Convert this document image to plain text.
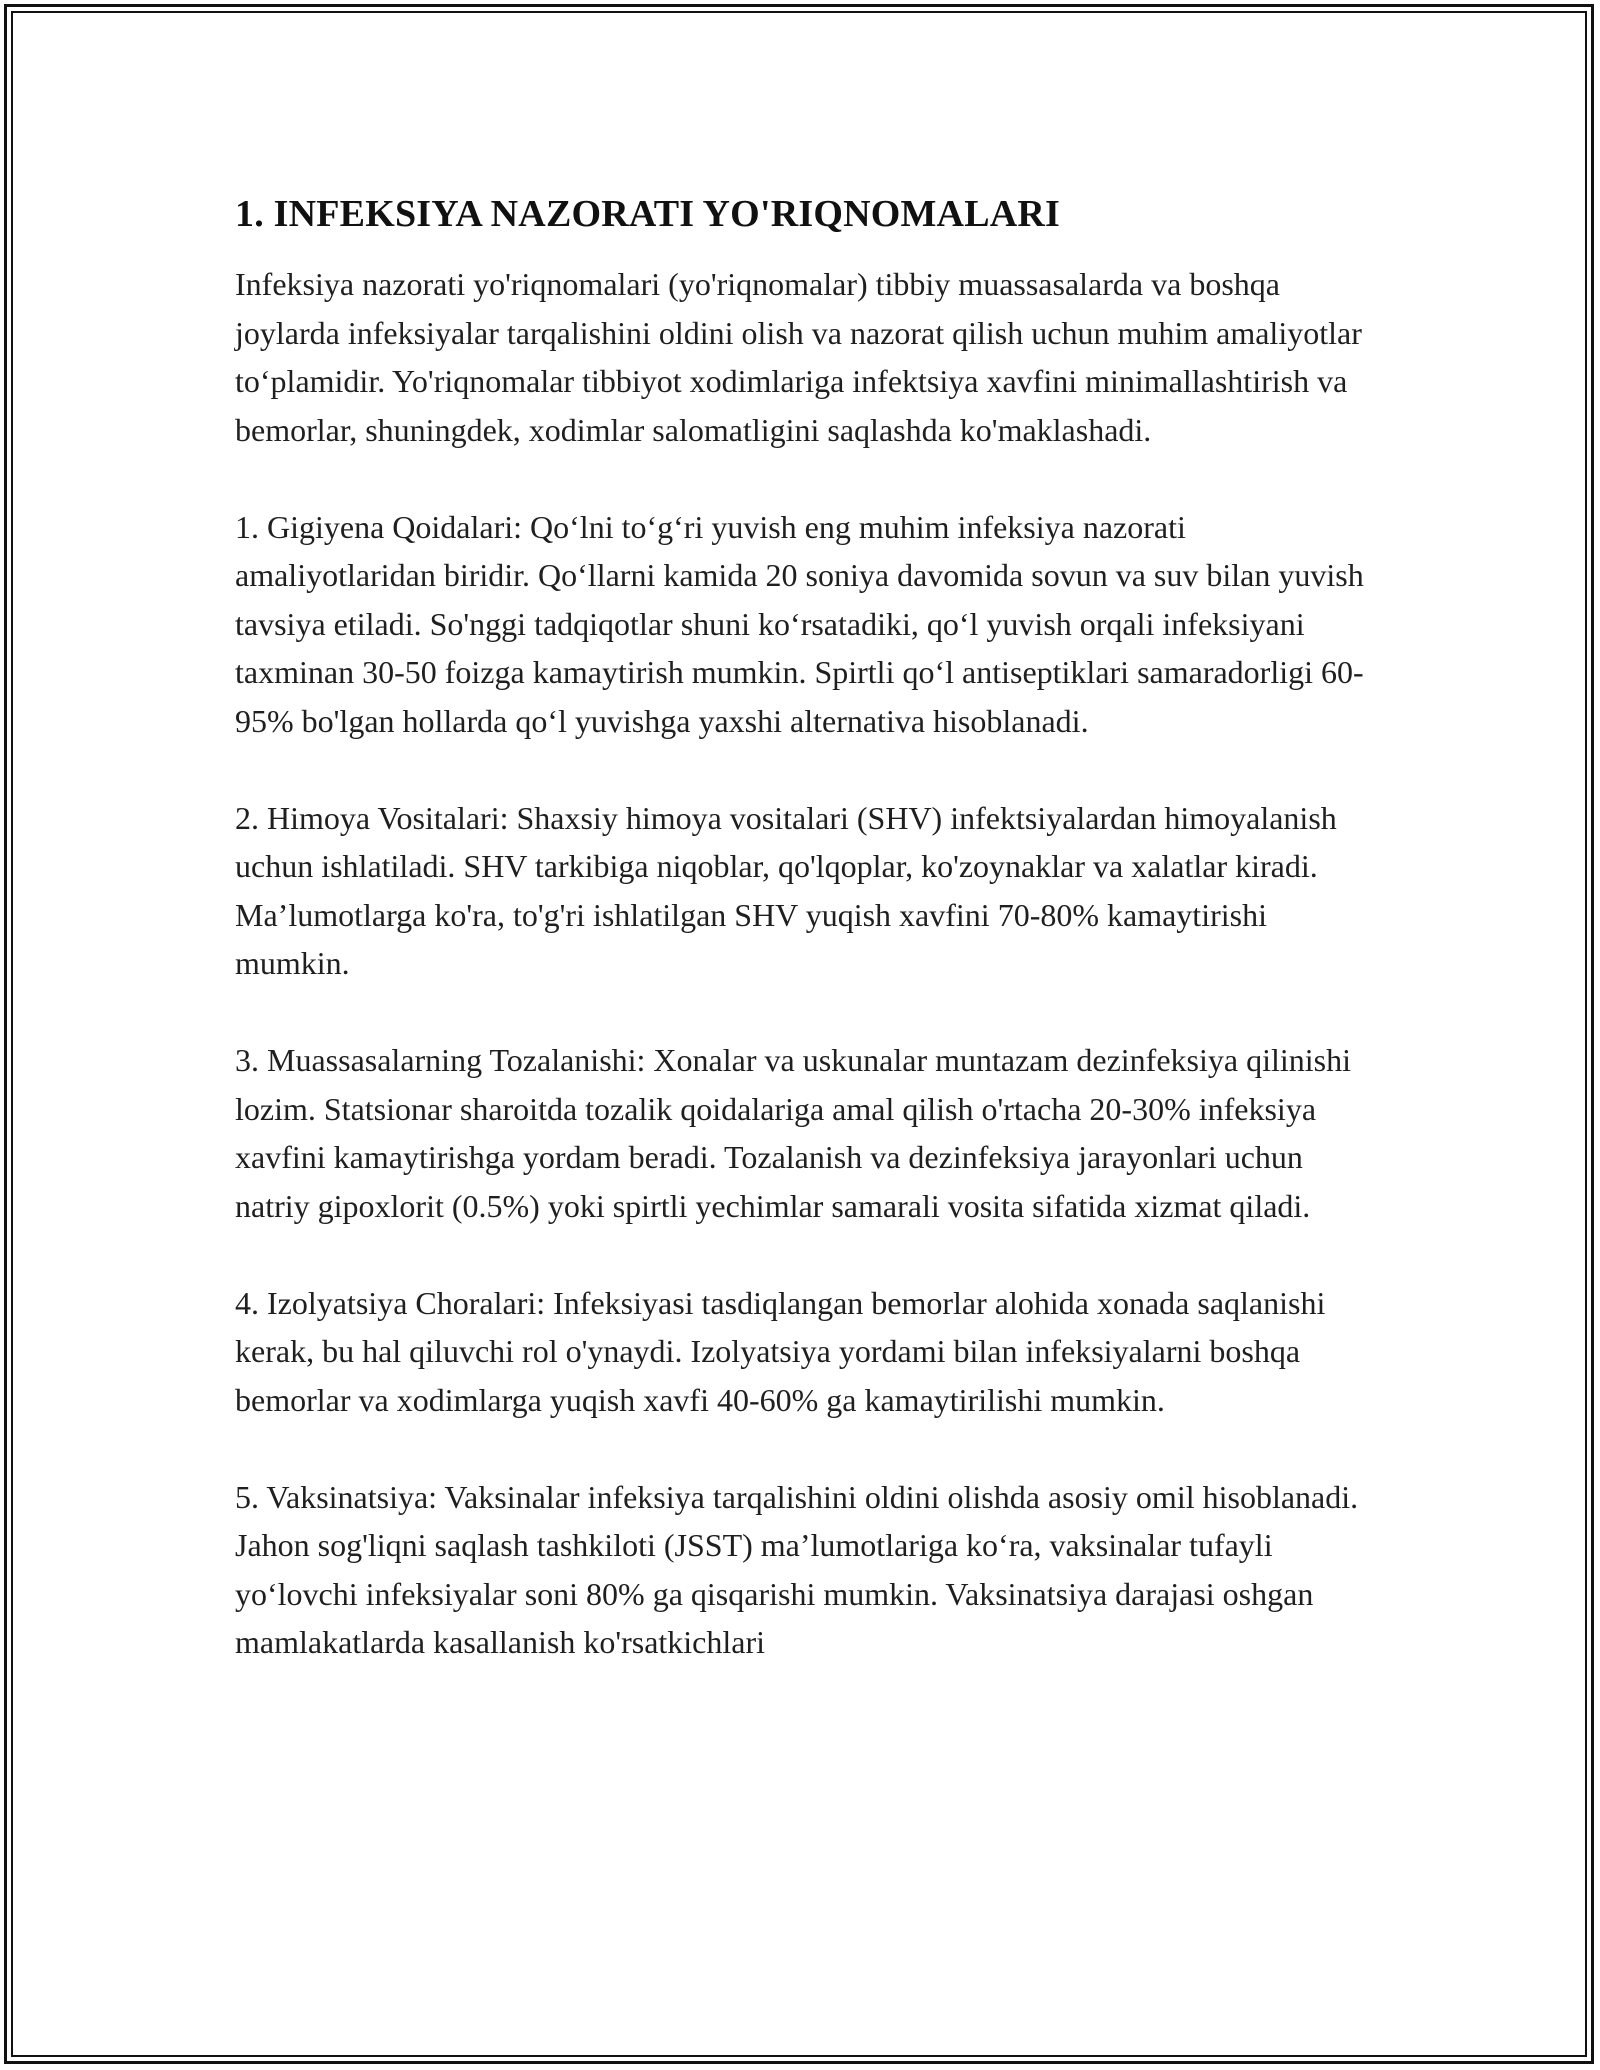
1. INFEKSIYA NAZORATI YO'RIQNOMALARI

Infeksiya nazorati yo'riqnomalari (yo'riqnomalar) tibbiy muassasalarda va boshqa joylarda infeksiyalar tarqalishini oldini olish va nazorat qilish uchun muhim amaliyotlar to‘plamidir. Yo'riqnomalar tibbiyot xodimlariga infektsiya xavfini minimallashtirish va bemorlar, shuningdek, xodimlar salomatligini saqlashda ko'maklashadi.

1. Gigiyena Qoidalari: Qo‘lni to‘g‘ri yuvish eng muhim infeksiya nazorati amaliyotlaridan biridir. Qo‘llarni kamida 20 soniya davomida sovun va suv bilan yuvish tavsiya etiladi. So'nggi tadqiqotlar shuni ko‘rsatadiki, qo‘l yuvish orqali infeksiyani taxminan 30-50 foizga kamaytirish mumkin. Spirtli qo‘l antiseptiklari samaradorligi 60-95% bo'lgan hollarda qo‘l yuvishga yaxshi alternativa hisoblanadi.

2. Himoya Vositalari: Shaxsiy himoya vositalari (SHV) infektsiyalardan himoyalanish uchun ishlatiladi. SHV tarkibiga niqoblar, qo'lqoplar, ko'zoynaklar va xalatlar kiradi. Ma’lumotlarga ko'ra, to'g'ri ishlatilgan SHV yuqish xavfini 70-80% kamaytirishi mumkin.

3. Muassasalarning Tozalanishi: Xonalar va uskunalar muntazam dezinfeksiya qilinishi lozim. Statsionar sharoitda tozalik qoidalariga amal qilish o'rtacha 20-30% infeksiya xavfini kamaytirishga yordam beradi. Tozalanish va dezinfeksiya jarayonlari uchun natriy gipoxlorit (0.5%) yoki spirtli yechimlar samarali vosita sifatida xizmat qiladi.

4. Izolyatsiya Choralari: Infeksiyasi tasdiqlangan bemorlar alohida xonada saqlanishi kerak, bu hal qiluvchi rol o'ynaydi. Izolyatsiya yordami bilan infeksiyalarni boshqa bemorlar va xodimlarga yuqish xavfi 40-60% ga kamaytirilishi mumkin.

5. Vaksinatsiya: Vaksinalar infeksiya tarqalishini oldini olishda asosiy omil hisoblanadi. Jahon sog'liqni saqlash tashkiloti (JSST) ma’lumotlariga ko‘ra, vaksinalar tufayli yo‘lovchi infeksiyalar soni 80% ga qisqarishi mumkin. Vaksinatsiya darajasi oshgan mamlakatlarda kasallanish ko'rsatkichlari
